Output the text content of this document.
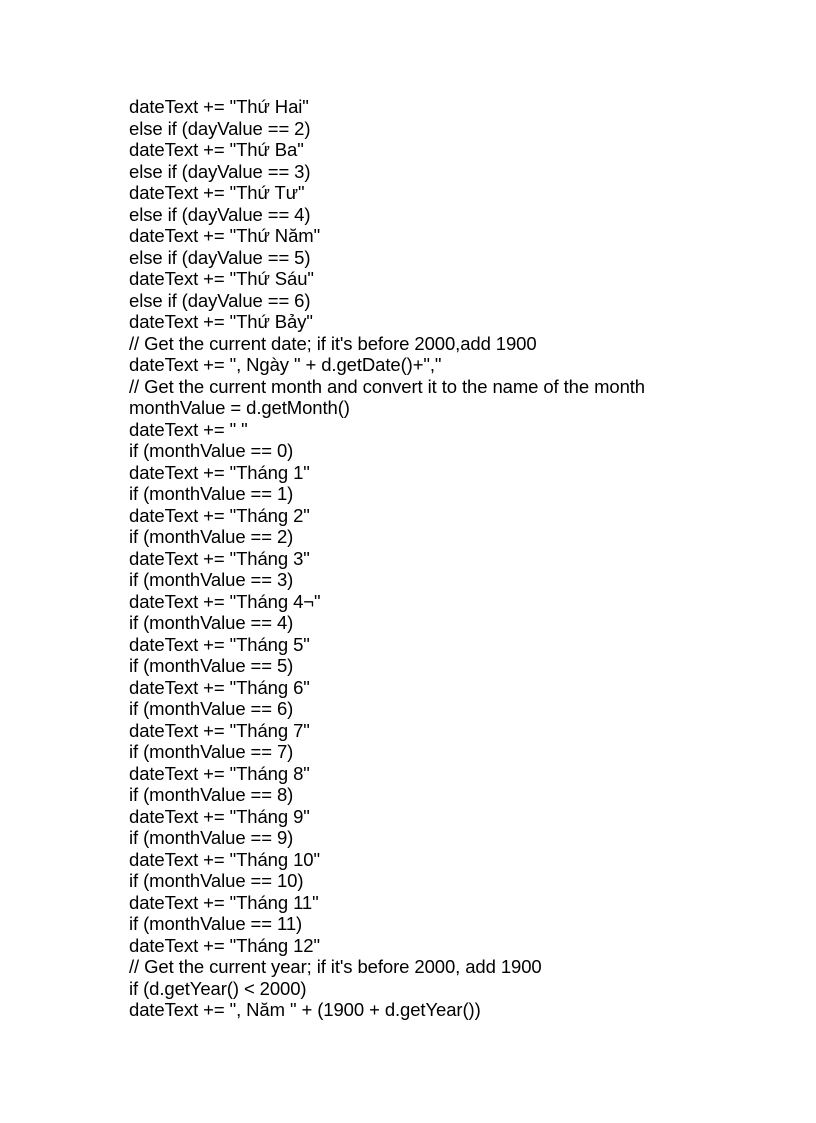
dateText += "Thứ Hai"
else if (dayValue == 2)
dateText += "Thứ Ba"
else if (dayValue == 3)
dateText += "Thứ Tư"
else if (dayValue == 4)
dateText += "Thứ Năm"
else if (dayValue == 5)
dateText += "Thứ Sáu"
else if (dayValue == 6)
dateText += "Thứ Bảy"
// Get the current date; if it's before 2000,add 1900
dateText += ", Ngày " + d.getDate()+","
// Get the current month and convert it to the name of the month
monthValue = d.getMonth()
dateText += " "
if (monthValue == 0)
dateText += "Tháng 1"
if (monthValue == 1)
dateText += "Tháng 2"
if (monthValue == 2)
dateText += "Tháng 3"
if (monthValue == 3)
dateText += "Tháng 4¬"
if (monthValue == 4)
dateText += "Tháng 5"
if (monthValue == 5)
dateText += "Tháng 6"
if (monthValue == 6)
dateText += "Tháng 7"
if (monthValue == 7)
dateText += "Tháng 8"
if (monthValue == 8)
dateText += "Tháng 9"
if (monthValue == 9)
dateText += "Tháng 10"
if (monthValue == 10)
dateText += "Tháng 11"
if (monthValue == 11)
dateText += "Tháng 12"
// Get the current year; if it's before 2000, add 1900
if (d.getYear() < 2000)
dateText += ", Năm " + (1900 + d.getYear())
